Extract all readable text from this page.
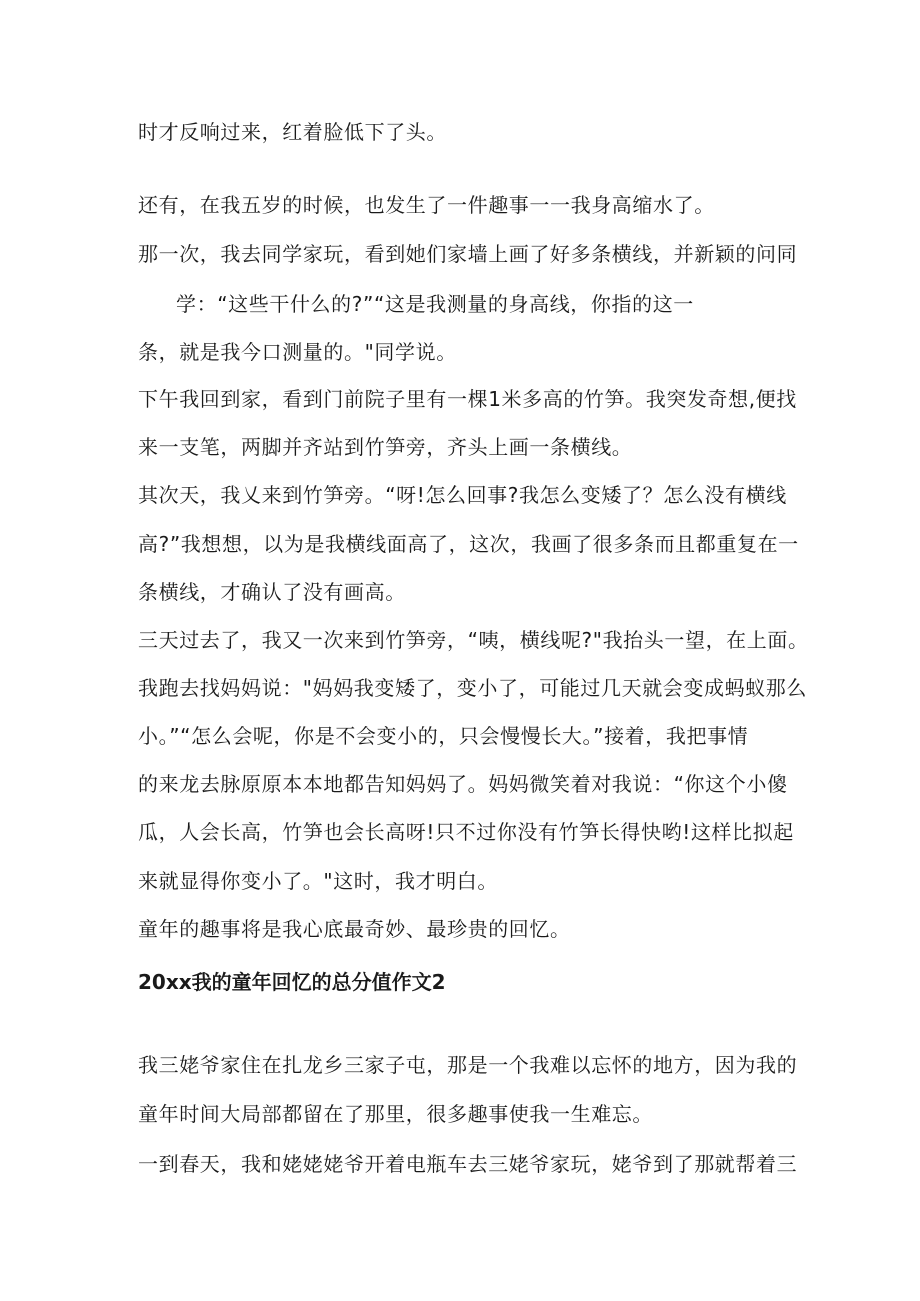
时才反响过来，红着脸低下了头。
还有，在我五岁的时候，也发生了一件趣事一一我身高缩水了。
那一次，我去同学家玩，看到她们家墙上画了好多条横线，并新颖的问同
学：“这些干什么的?”“这是我测量的身高线，你指的这一
条，就是我今口测量的。"同学说。
下午我回到家，看到门前院子里有一棵1米多高的竹笋。我突发奇想,便找
来一支笔，两脚并齐站到竹笋旁，齐头上画一条横线。
其次天，我乂来到竹笋旁。“呀!怎么回事?我怎么变矮了？怎么没有横线
高?”我想想，以为是我横线面高了，这次，我画了很多条而且都重复在一
条横线，才确认了没有画高。
三天过去了，我又一次来到竹笋旁，“咦，横线呢?"我抬头一望，在上面。
我跑去找妈妈说："妈妈我变矮了，变小了，可能过几天就会变成蚂蚁那么
小。”“怎么会呢，你是不会变小的，只会慢慢长大。”接着，我把事情
的来龙去脉原原本本地都告知妈妈了。妈妈微笑着对我说：“你这个小傻
瓜，人会长高，竹笋也会长高呀!只不过你没有竹笋长得快哟!这样比拟起
来就显得你变小了。"这时，我才明白。
童年的趣事将是我心底最奇妙、最珍贵的回忆。
20xx我的童年回忆的总分值作文2
我三姥爷家住在扎龙乡三家子屯，那是一个我难以忘怀的地方，因为我的
童年时间大局部都留在了那里，很多趣事使我一生难忘。
一到春天，我和姥姥姥爷开着电瓶车去三姥爷家玩，姥爷到了那就帮着三
